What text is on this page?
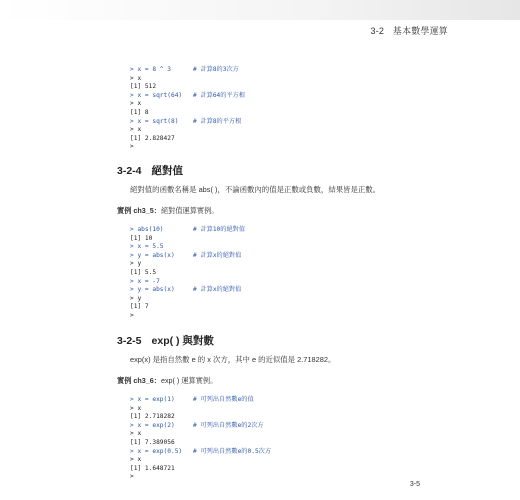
3-2 基本數學運算
> x = 8 ^ 3	# 計算8的3次方
> x
[1] 512
> x = sqrt(64) # 計算64的平方根
> x
[1] 8
> x = sqrt(8) # 計算8的平方根
> x
[1] 2.828427
>
3-2-4 絕對值
絕對值的函數名稱是 abs( )，不論函數內的值是正數或負數，結果皆是正數。
實例 ch3_5：絕對值運算實例。
> abs(10)	# 計算10的絕對值
[1] 10
> x = 5.5
> y = abs(x)	# 計算x的絕對值
> y
[1] 5.5
> x = -7
> y = abs(x)	# 計算x的絕對值
> y
[1] 7
>
3-2-5 exp( ) 與對數
exp(x) 是指自然數 e 的 x 次方，其中 e 的近似值是 2.718282。
實例 ch3_6：exp( ) 運算實例。
> x = exp(1)	# 可列出自然數e的值
> x
[1] 2.718282
> x = exp(2)	# 可列出自然數e的2次方
> x
[1] 7.389056
> x = exp(0.5) # 可列出自然數e的0.5次方
> x
[1] 1.648721
>
3-5
